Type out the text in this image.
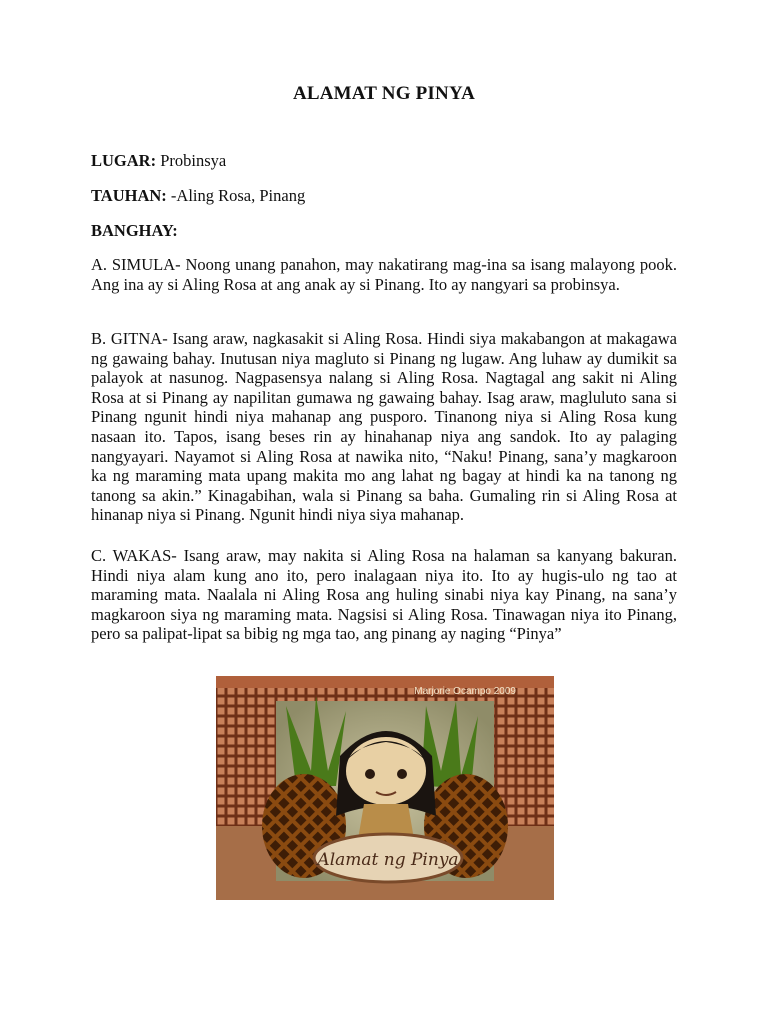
ALAMAT NG PINYA

LUGAR: Probinsya

TAUHAN: -Aling Rosa, Pinang

BANGHAY:

A. SIMULA- Noong unang panahon, may nakatirang mag-ina sa isang malayong pook. Ang ina ay si Aling Rosa at ang anak ay si Pinang. Ito ay nangyari sa probinsya.

B. GITNA- Isang araw, nagkasakit si Aling Rosa. Hindi siya makabangon at makagawa ng gawaing bahay. Inutusan niya magluto si Pinang ng lugaw. Ang luhaw ay dumikit sa palayok at nasunog. Nagpasensya nalang si Aling Rosa. Nagtagal ang sakit ni Aling Rosa at si Pinang ay napilitan gumawa ng gawaing bahay. Isag araw, magluluto sana si Pinang ngunit hindi niya mahanap ang pusporo. Tinanong niya si Aling Rosa kung nasaan ito. Tapos, isang beses rin ay hinahanap niya ang sandok. Ito ay palaging nangyayari. Nayamot si Aling Rosa at nawika nito, “Naku! Pinang, sana’y magkaroon ka ng maraming mata upang makita mo ang lahat ng bagay at hindi ka na tanong ng tanong sa akin.” Kinagabihan, wala si Pinang sa baha. Gumaling rin si Aling Rosa at hinanap niya si Pinang. Ngunit hindi niya siya mahanap.

C. WAKAS- Isang araw, may nakita si Aling Rosa na halaman sa kanyang bakuran. Hindi niya alam kung ano ito, pero inalagaan niya ito. Ito ay hugis-ulo ng tao at maraming mata. Naalala ni Aling Rosa ang huling sinabi niya kay Pinang, na sana’y magkaroon siya ng maraming mata. Nagsisi si Aling Rosa. Tinawagan niya ito Pinang, pero sa palipat-lipat sa bibig ng mga tao, ang pinang ay naging “Pinya”

Alamat ng Pinya
Marjorie Ocampo 2009
